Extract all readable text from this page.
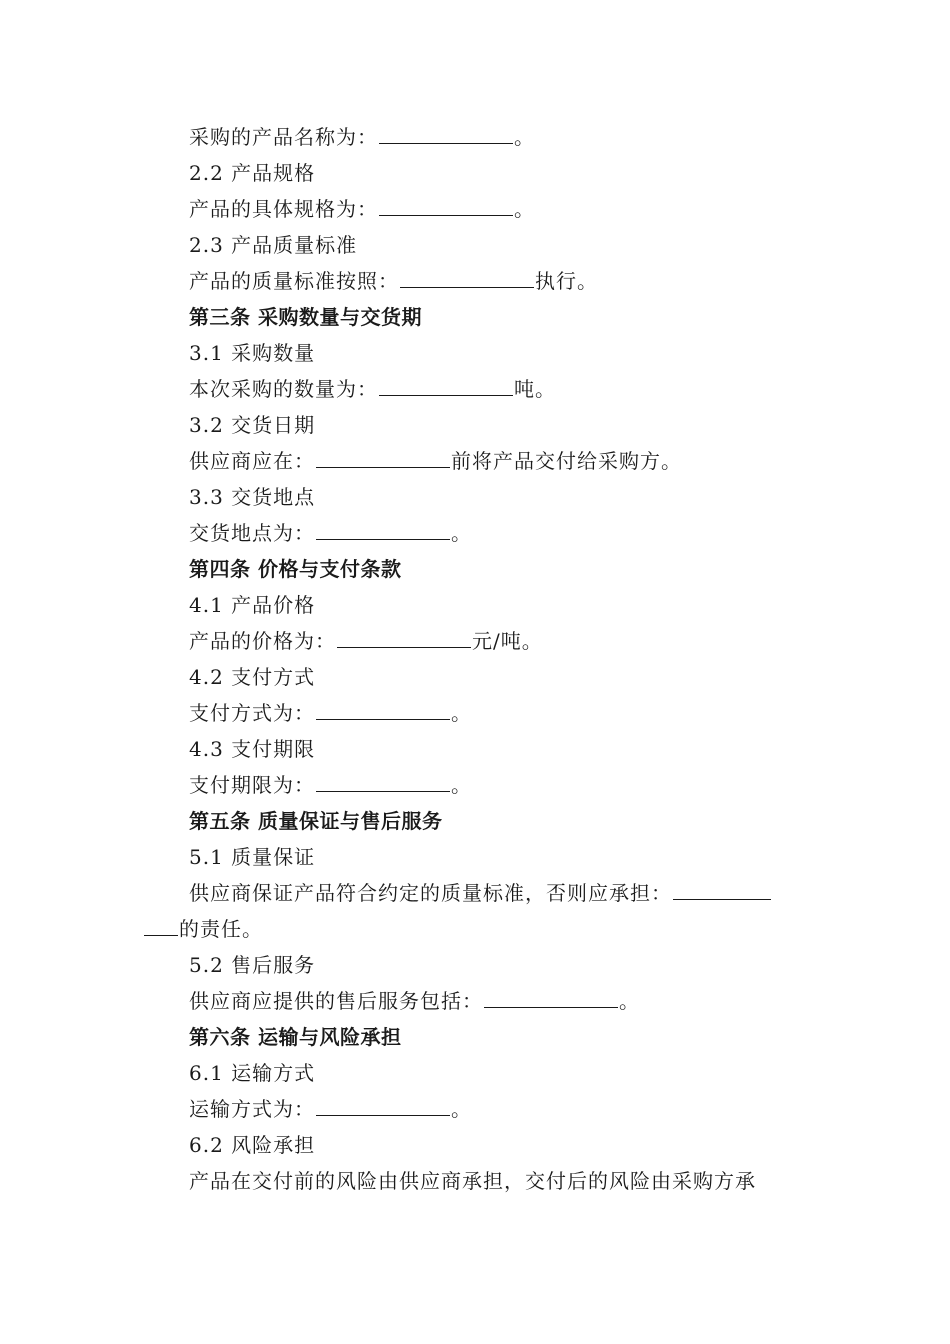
采购的产品名称为：	。
2.2 产品规格
产品的具体规格为：	。
2.3 产品质量标准
产品的质量标准按照：	执行。
第三条 采购数量与交货期
3.1 采购数量
本次采购的数量为：	吨。
3.2 交货日期
供应商应在：	前将产品交付给采购方。
3.3 交货地点
交货地点为：	。
第四条 价格与支付条款
4.1 产品价格
产品的价格为：	元/吨。
4.2 支付方式
支付方式为：	。
4.3 支付期限
支付期限为：	。
第五条 质量保证与售后服务
5.1 质量保证
供应商保证产品符合约定的质量标准，否则应承担：
的责任。
5.2 售后服务
供应商应提供的售后服务包括：	。
第六条 运输与风险承担
6.1 运输方式
运输方式为：	。
6.2 风险承担
产品在交付前的风险由供应商承担，交付后的风险由采购方承
